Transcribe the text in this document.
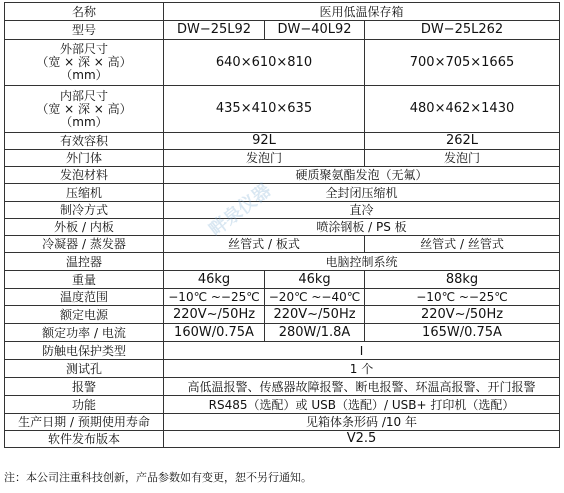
名称	医用低温保存箱		
型号	DW−25L92	DW−40L92	DW−25L262

外部尺寸
（宽 × 深 × 高）
（mm）	640×610×810		700×705×1665

内部尺寸
（宽 × 深 × 高）
（mm）	435×410×635		480×462×1430
有效容积	92L		262L
外门体	发泡门		发泡门
发泡材料	硬质聚氨酯发泡（无氟）		
压缩机	全封闭压缩机		
制冷方式	直冷		
外板 / 内板	喷涂钢板 / PS 板		
冷凝器 / 蒸发器	丝管式 / 板式		丝管式 / 丝管式
温控器	电脑控制系统		
重量	46kg	46kg	88kg
温度范围	−10℃ ~−25℃	−20℃ ~−40℃	−10℃ ~−25℃
额定电源	220V~/50Hz	220V~/50Hz	220V~/50Hz
额定功率 / 电流	160W/0.75A	280W/1.8A	165W/0.75A
防触电保护类型	I		
测试孔	1 个		
报警	高低温报警、传感器故障报警、断电报警、环温高报警、开门报警		
功能	RS485（选配）或 USB（选配）/ USB+ 打印机（选配）		
生产日期 / 预期使用寿命	见箱体条形码 /10 年		
软件发布版本	V2.5		
畔泉仪器
注：本公司注重科技创新，产品参数如有变更，恕不另行通知。
